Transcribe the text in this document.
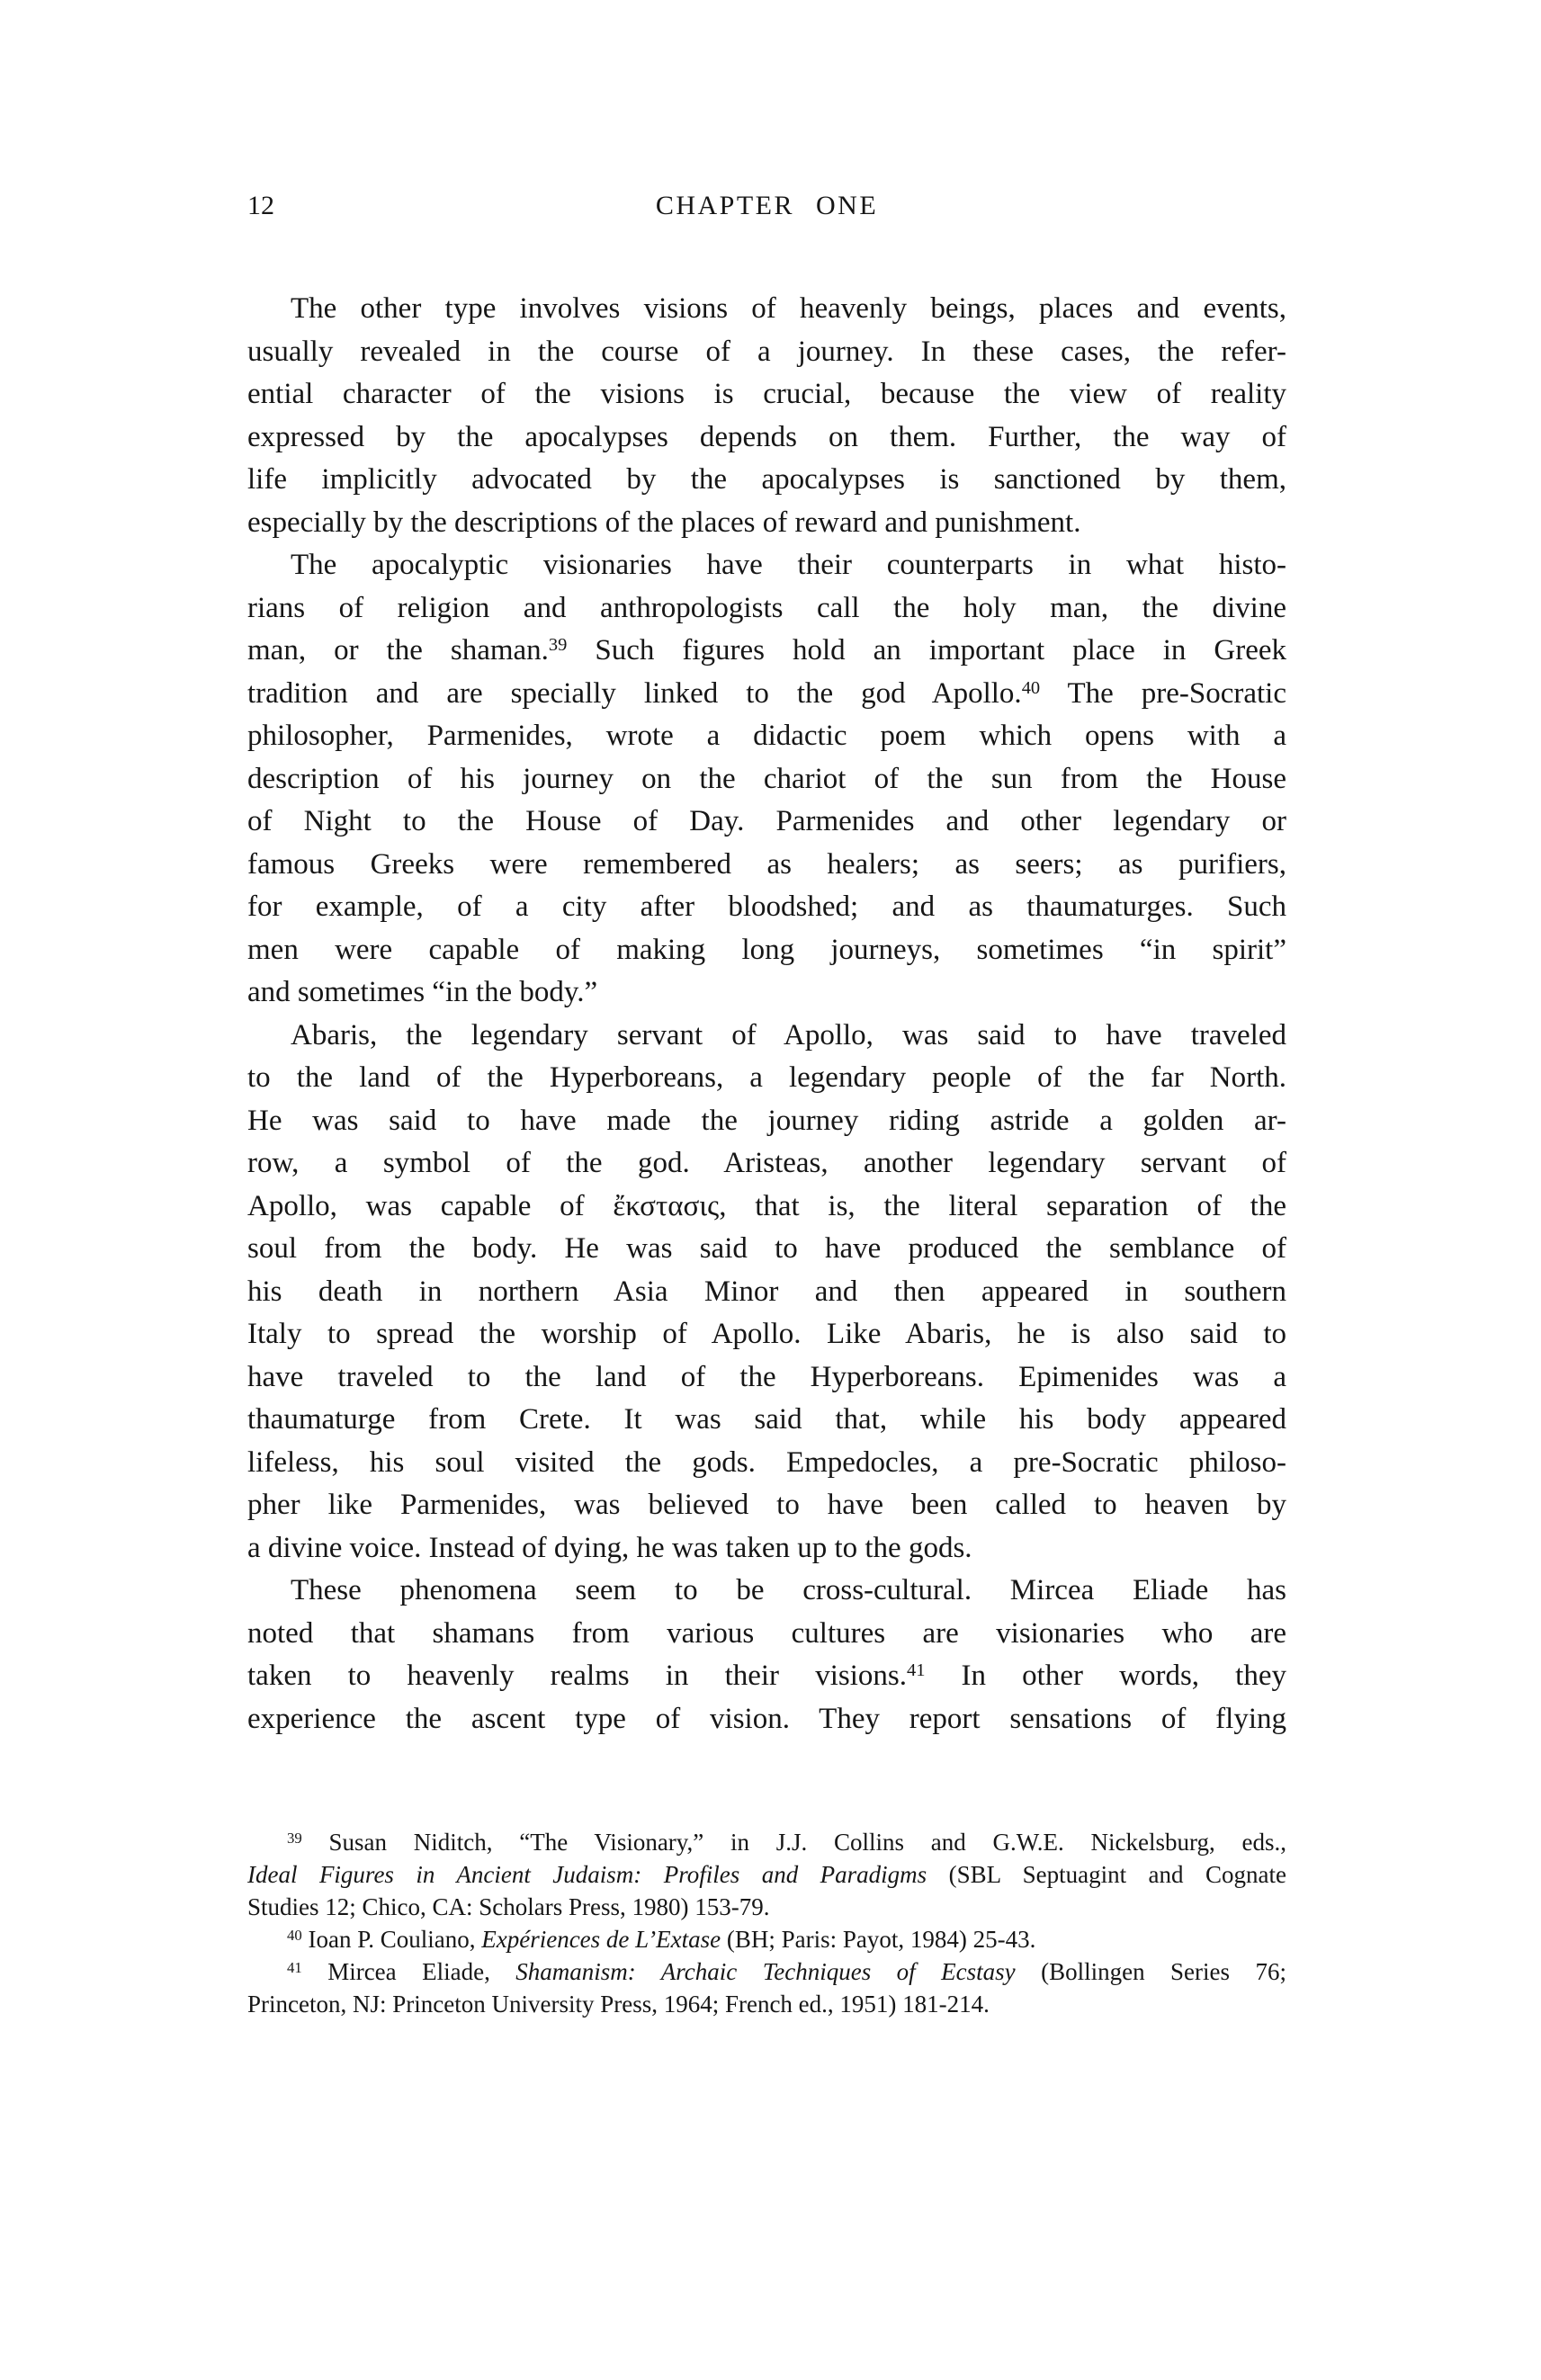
12	CHAPTER ONE
The other type involves visions of heavenly beings, places and events,
usually revealed in the course of a journey. In these cases, the refer-
ential character of the visions is crucial, because the view of reality
expressed by the apocalypses depends on them. Further, the way of
life implicitly advocated by the apocalypses is sanctioned by them,
especially by the descriptions of the places of reward and punishment.
The apocalyptic visionaries have their counterparts in what histo-
rians of religion and anthropologists call the holy man, the divine
man, or the shaman.$^{39}$ Such figures hold an important place in Greek
tradition and are specially linked to the god Apollo.$^{40}$ The pre-Socratic
philosopher, Parmenides, wrote a didactic poem which opens with a
description of his journey on the chariot of the sun from the House
of Night to the House of Day. Parmenides and other legendary or
famous Greeks were remembered as healers; as seers; as purifiers,
for example, of a city after bloodshed; and as thaumaturges. Such
men were capable of making long journeys, sometimes “in spirit”
and sometimes “in the body.”
Abaris, the legendary servant of Apollo, was said to have traveled
to the land of the Hyperboreans, a legendary people of the far North.
He was said to have made the journey riding astride a golden ar-
row, a symbol of the god. Aristeas, another legendary servant of
Apollo, was capable of ἔκστασις, that is, the literal separation of the
soul from the body. He was said to have produced the semblance of
his death in northern Asia Minor and then appeared in southern
Italy to spread the worship of Apollo. Like Abaris, he is also said to
have traveled to the land of the Hyperboreans. Epimenides was a
thaumaturge from Crete. It was said that, while his body appeared
lifeless, his soul visited the gods. Empedocles, a pre-Socratic philoso-
pher like Parmenides, was believed to have been called to heaven by
a divine voice. Instead of dying, he was taken up to the gods.
These phenomena seem to be cross-cultural. Mircea Eliade has
noted that shamans from various cultures are visionaries who are
taken to heavenly realms in their visions.$^{41}$ In other words, they
experience the ascent type of vision. They report sensations of flying
$^{39}$ Susan Niditch, “The Visionary,” in J.J. Collins and G.W.E. Nickelsburg, eds.,
Ideal Figures in Ancient Judaism: Profiles and Paradigms (SBL Septuagint and Cognate
Studies 12; Chico, CA: Scholars Press, 1980) 153-79.
$^{40}$ Ioan P. Couliano, Expériences de L’Extase (BH; Paris: Payot, 1984) 25-43.
$^{41}$ Mircea Eliade, Shamanism: Archaic Techniques of Ecstasy (Bollingen Series 76;
Princeton, NJ: Princeton University Press, 1964; French ed., 1951) 181-214.
